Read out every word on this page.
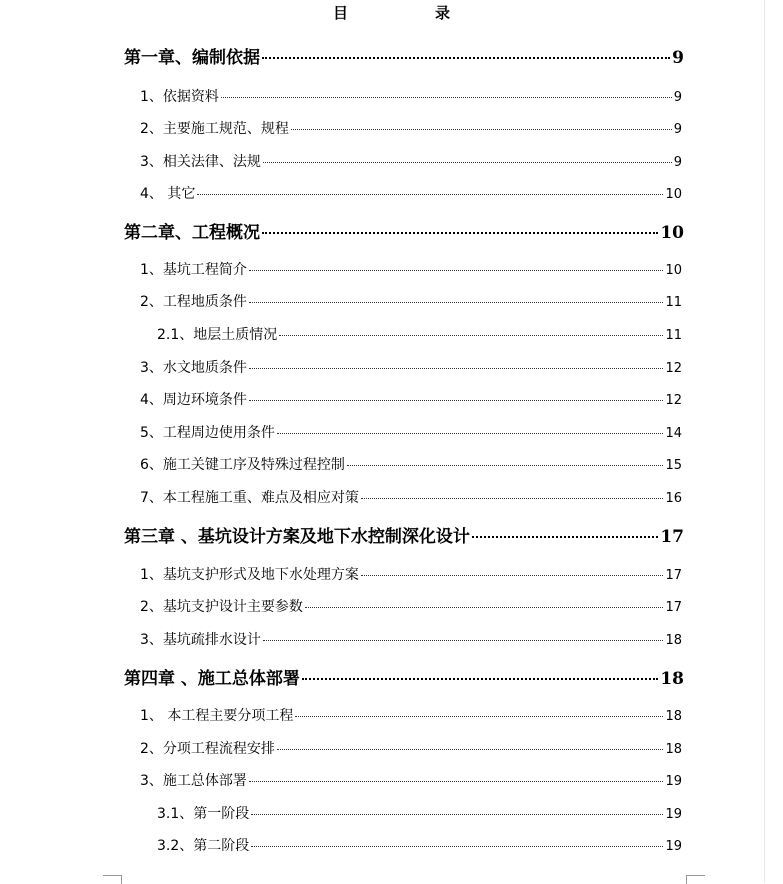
目　录
第一章、编制依据	9
1、依据资料	9
2、主要施工规范、规程	9
3、相关法律、法规	9
4、 其它	10
第二章、工程概况	10
1、基坑工程简介	10
2、工程地质条件	11
2.1、地层土质情况	11
3、水文地质条件	12
4、周边环境条件	12
5、工程周边使用条件	14
6、施工关键工序及特殊过程控制	15
7、本工程施工重、难点及相应对策	16
第三章 、基坑设计方案及地下水控制深化设计	17
1、基坑支护形式及地下水处理方案	17
2、基坑支护设计主要参数	17
3、基坑疏排水设计	18
第四章 、施工总体部署	18
1、 本工程主要分项工程	18
2、分项工程流程安排	18
3、施工总体部署	19
3.1、第一阶段	19
3.2、第二阶段	19
